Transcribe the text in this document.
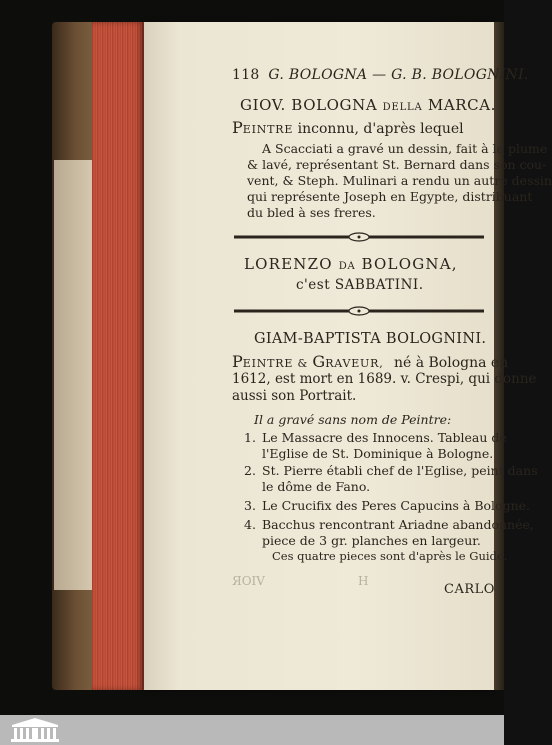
118 G. BOLOGNA — G. B. BOLOGNINI.
GIOV. BOLOGNA DELLA MARCA.
PEINTRE inconnu, d'après lequel
A Scacciati a gravé un dessin, fait à la plume
& lavé, représentant St. Bernard dans son cou-
vent, & Steph. Mulinari a rendu un autre dessin
qui représente Joseph en Egypte, distribuant
du bled à ses freres.
LORENZO DA BOLOGNA,
c'est SABBATINI.
GIAM-BAPTISTA BOLOGNINI.
PEINTRE & GRAVEUR, né à Bologna en
1612, est mort en 1689. v. Crespi, qui donne
aussi son Portrait.
Il a gravé sans nom de Peintre:
1. Le Massacre des Innocens. Tableau de
l'Eglise de St. Dominique à Bologne.
2. St. Pierre établi chef de l'Eglise, peint dans
le dôme de Fano.
3. Le Crucifix des Peres Capucins à Bologne.
4. Bacchus rencontrant Ariadne abandonnée,
piece de 3 gr. planches en largeur.
Ces quatre pieces sont d'après le Guide.
ЯОІV	H
CARLO
